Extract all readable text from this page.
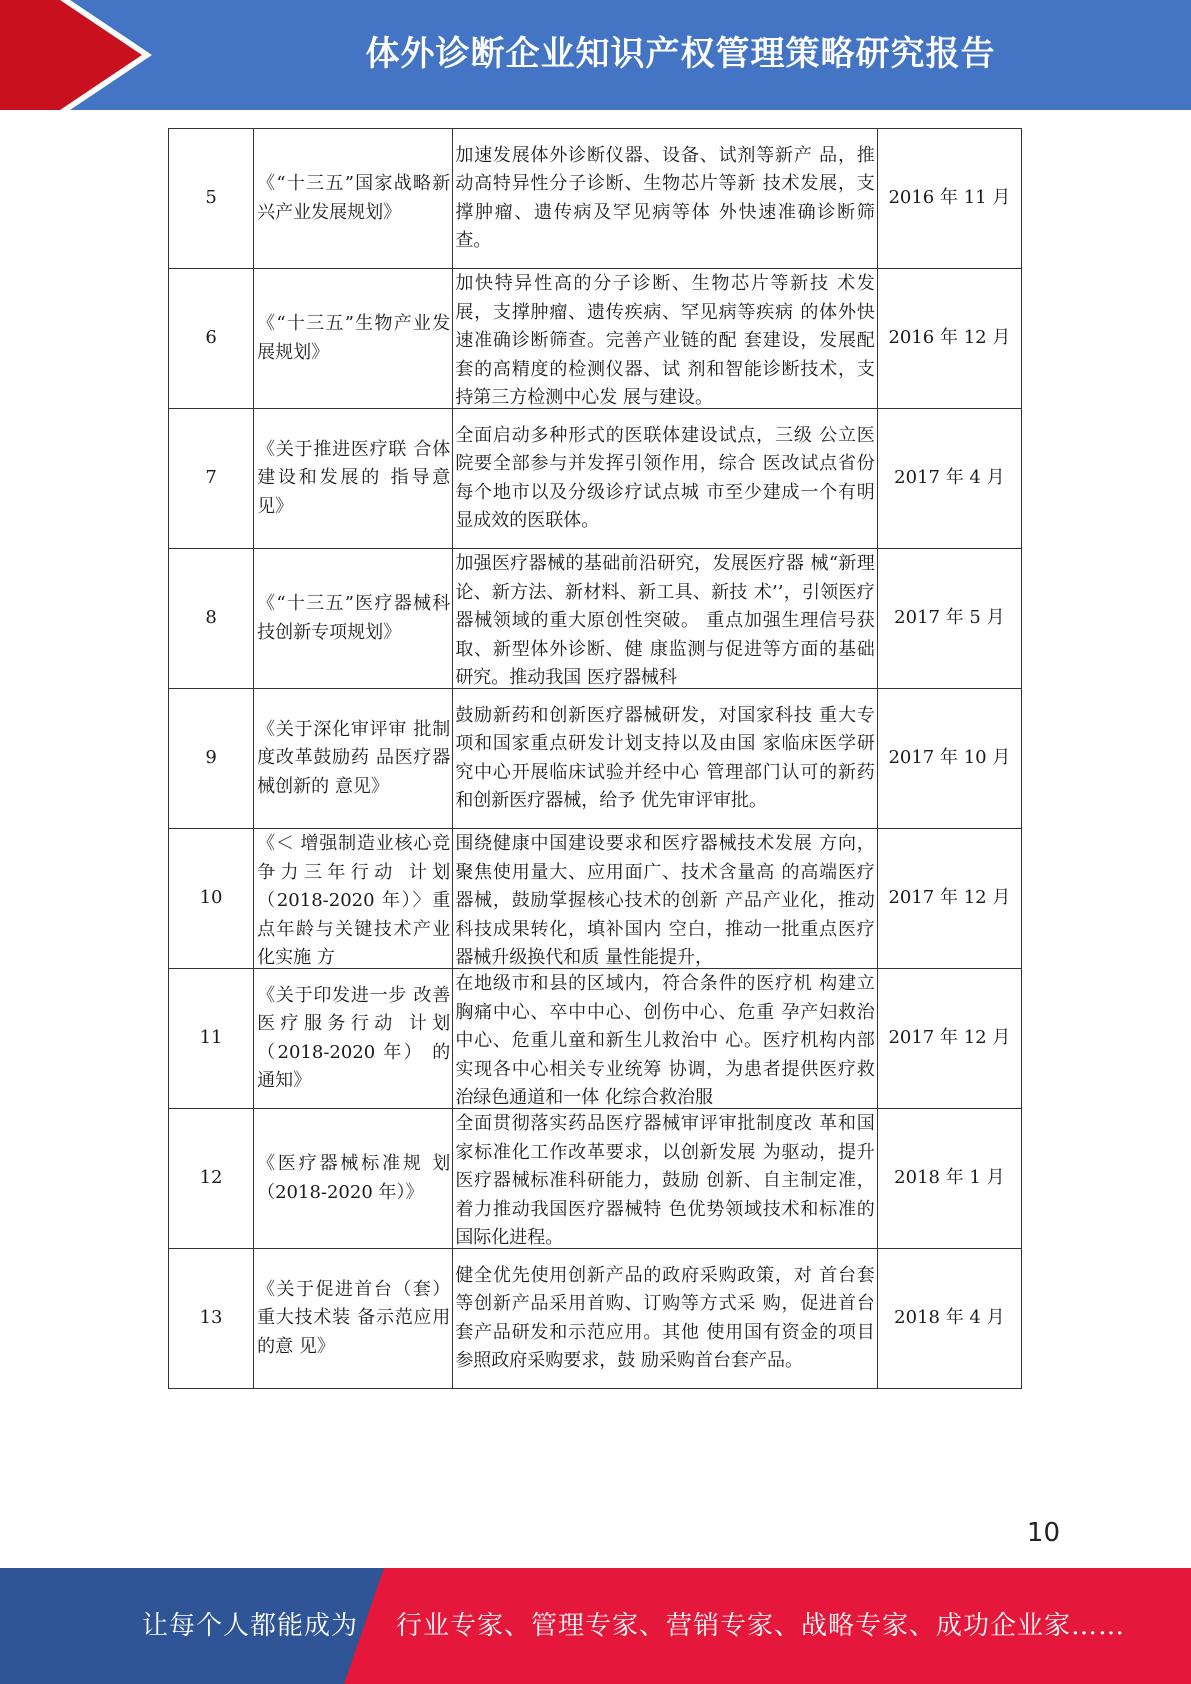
体外诊断企业知识产权管理策略研究报告
5	《“十三五”国家战略新兴产业发展规划》	加速发展体外诊断仪器、设备、试剂等新产 品，推动高特异性分子诊断、生物芯片等新 技术发展，支撑肿瘤、遗传病及罕见病等体 外快速准确诊断筛查。	2016 年 11 月

6	《“十三五”生物产业发展规划》	加快特异性高的分子诊断、生物芯片等新技 术发展，支撑肿瘤、遗传疾病、罕见病等疾病 的体外快速准确诊断筛查。完善产业链的配 套建设，发展配套的高精度的检测仪器、试 剂和智能诊断技术，支持第三方检测中心发 展与建设。	2016 年 12 月

7	《关于推进医疗联 合体建设和发展的 指导意见》	全面启动多种形式的医联体建设试点，三级 公立医院要全部参与并发挥引领作用，综合 医改试点省份每个地市以及分级诊疗试点城 市至少建成一个有明显成效的医联体。	2017 年 4 月

8	《“十三五”医疗器械科技创新专项规划》	加强医疗器械的基础前沿研究，发展医疗器 械“新理论、新方法、新材料、新工具、新技 术’’，引领医疗器械领域的重大原创性突破。 重点加强生理信号获取、新型体外诊断、健 康监测与促进等方面的基础研究。推动我国 医疗器械科	2017 年 5 月

9	《关于深化审评审 批制度改革鼓励药 品医疗器械创新的 意见》	鼓励新药和创新医疗器械研发，对国家科技 重大专项和国家重点研发计划支持以及由国 家临床医学研究中心开展临床试验并经中心 管理部门认可的新药和创新医疗器械，给予 优先审评审批。	2017 年 10 月

10	《＜ 增强制造业核心竞争力三年行动 计划 （2018-2020 年）〉重点年龄与关键技术产业化实施 方	围绕健康中国建设要求和医疗器械技术发展 方向，聚焦使用量大、应用面广、技术含量高 的高端医疗器械，鼓励掌握核心技术的创新 产品产业化，推动科技成果转化，填补国内 空白，推动一批重点医疗器械升级换代和质 量性能提升，	2017 年 12 月

11	《关于印发进一步 改善医疗服务行动 计划（2018-2020 年） 的通知》	在地级市和县的区域内，符合条件的医疗机 构建立胸痛中心、卒中中心、创伤中心、危重 孕产妇救治中心、危重儿童和新生儿救治中 心。医疗机构内部实现各中心相关专业统筹 协调，为患者提供医疗救治绿色通道和一体 化综合救治服	2017 年 12 月

12	《医疗器械标准规 划（2018-2020 年）》	全面贯彻落实药品医疗器械审评审批制度改 革和国家标准化工作改革要求，以创新发展 为驱动，提升医疗器械标准科研能力，鼓励 创新、自主制定准，着力推动我国医疗器械特 色优势领域技术和标准的国际化进程。	2018 年 1 月

13	《关于促进首台（套）重大技术装 备示范应用的意 见》	健全优先使用创新产品的政府采购政策，对 首台套等创新产品采用首购、订购等方式采 购，促进首台套产品研发和示范应用。其他 使用国有资金的项目参照政府采购要求，鼓 励采购首台套产品。	2018 年 4 月
10
让每个人都能成为 行业专家、管理专家、营销专家、战略专家、成功企业家……
